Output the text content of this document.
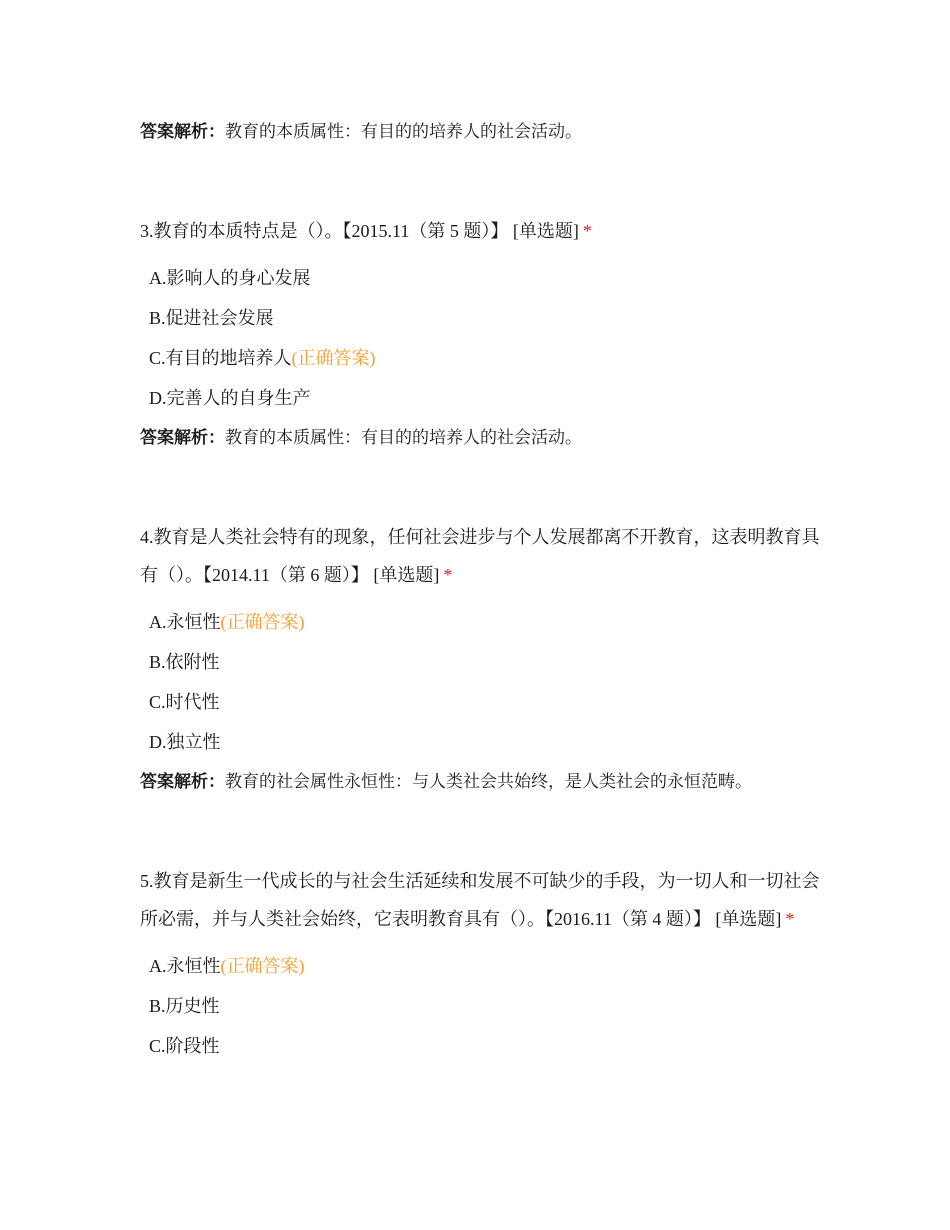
答案解析：教育的本质属性：有目的的培养人的社会活动。
3.教育的本质特点是（）。【2015.11（第 5 题）】 [单选题] *
A.影响人的身心发展
B.促进社会发展
C.有目的地培养人(正确答案)
D.完善人的自身生产
答案解析：教育的本质属性：有目的的培养人的社会活动。
4.教育是人类社会特有的现象，任何社会进步与个人发展都离不开教育，这表明教育具有（）。【2014.11（第 6 题）】 [单选题] *
A.永恒性(正确答案)
B.依附性
C.时代性
D.独立性
答案解析：教育的社会属性永恒性：与人类社会共始终，是人类社会的永恒范畴。
5.教育是新生一代成长的与社会生活延续和发展不可缺少的手段，为一切人和一切社会所必需，并与人类社会始终，它表明教育具有（）。【2016.11（第 4 题）】 [单选题] *
A.永恒性(正确答案)
B.历史性
C.阶段性
